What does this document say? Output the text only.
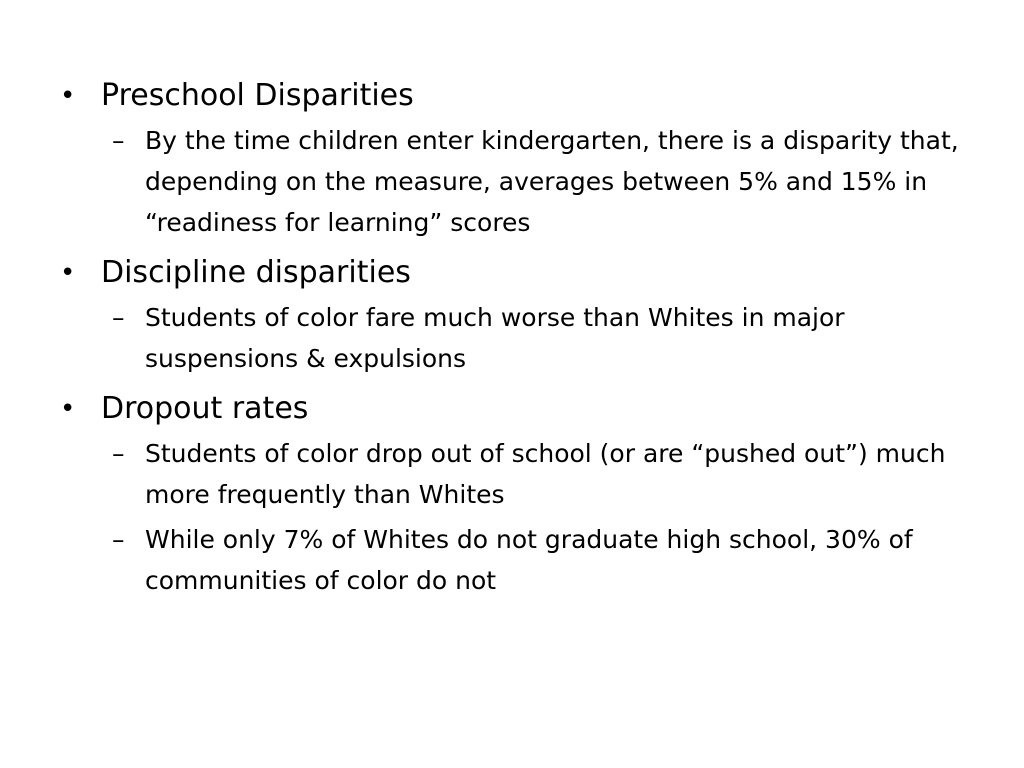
• Preschool Disparities
– By the time children enter kindergarten, there is a disparity that, depending on the measure, averages between 5% and 15% in “readiness for learning” scores
• Discipline disparities
– Students of color fare much worse than Whites in major suspensions & expulsions
• Dropout rates
– Students of color drop out of school (or are “pushed out”) much more frequently than Whites
– While only 7% of Whites do not graduate high school, 30% of communities of color do not
